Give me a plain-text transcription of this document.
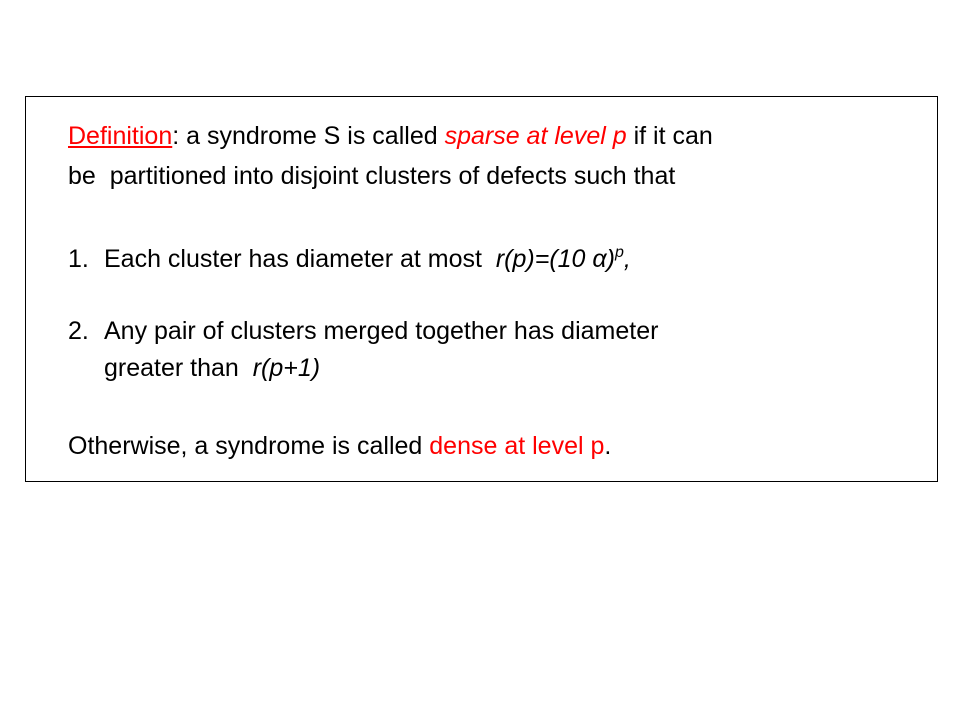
Definition: a syndrome S is called sparse at level p if it can
be  partitioned into disjoint clusters of defects such that
1. Each cluster has diameter at most  r(p)=(10 α)$^p$,
2. Any pair of clusters merged together has diameter
greater than  r(p+1)
Otherwise, a syndrome is called dense at level p.
